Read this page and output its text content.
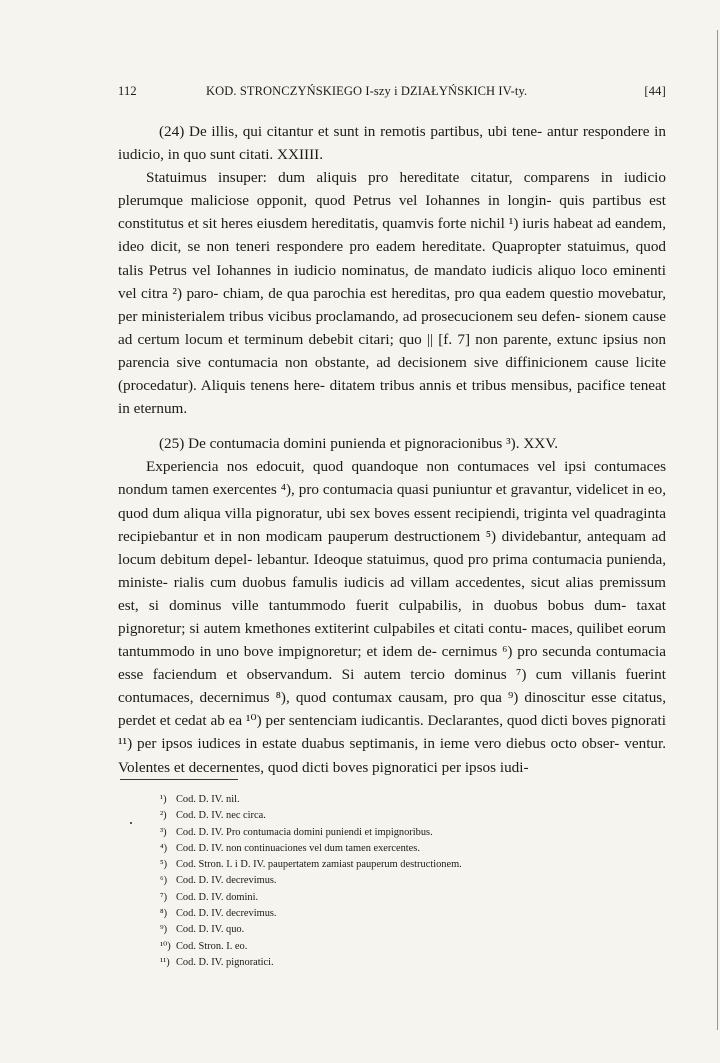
112	KOD. STRONCZYŃSKIEGO I-szy i DZIAŁYŃSKICH IV-ty.	[44]

(24) De illis, qui citantur et sunt in remotis partibus, ubi tene- antur respondere in iudicio, in quo sunt citati. XXIIII.

Statuimus insuper: dum aliquis pro hereditate citatur, comparens in iudicio plerumque maliciose opponit, quod Petrus vel Iohannes in longin- quis partibus est constitutus et sit heres eiusdem hereditatis, quamvis forte nichil ¹) iuris habeat ad eandem, ideo dicit, se non teneri respondere pro eadem hereditate. Quapropter statuimus, quod talis Petrus vel Iohannes in iudicio nominatus, de mandato iudicis aliquo loco eminenti vel citra ²) paro- chiam, de qua parochia est hereditas, pro qua eadem questio movebatur, per ministerialem tribus vicibus proclamando, ad prosecucionem seu defen- sionem cause ad certum locum et terminum debebit citari; quo || [f. 7] non parente, extunc ipsius non parencia sive contumacia non obstante, ad decisionem sive diffinicionem cause licite (procedatur). Aliquis tenens here- ditatem tribus annis et tribus mensibus, pacifice teneat in eternum.

(25) De contumacia domini punienda et pignoracionibus ³). XXV.

Experiencia nos edocuit, quod quandoque non contumaces vel ipsi contumaces nondum tamen exercentes ⁴), pro contumacia quasi puniuntur et gravantur, videlicet in eo, quod dum aliqua villa pignoratur, ubi sex boves essent recipiendi, triginta vel quadraginta recipiebantur et in non modicam pauperum destructionem ⁵) dividebantur, antequam ad locum debitum depel- lebantur. Ideoque statuimus, quod pro prima contumacia punienda, ministe- rialis cum duobus famulis iudicis ad villam accedentes, sicut alias premissum est, si dominus ville tantummodo fuerit culpabilis, in duobus bobus dum- taxat pignoretur; si autem kmethones extiterint culpabiles et citati contu- maces, quilibet eorum tantummodo in uno bove impignoretur; et idem de- cernimus ⁶) pro secunda contumacia esse faciendum et observandum. Si autem tercio dominus ⁷) cum villanis fuerint contumaces, decernimus ⁸), quod contumax causam, pro qua ⁹) dinoscitur esse citatus, perdet et cedat ab ea ¹⁰) per sentenciam iudicantis. Declarantes, quod dicti boves pignorati ¹¹) per ipsos iudices in estate duabus septimanis, in ieme vero diebus octo obser- ventur. Volentes et decernentes, quod dicti boves pignoratici per ipsos iudi-

¹) Cod. D. IV. nil.
²) Cod. D. IV. nec circa.
³) Cod. D. IV. Pro contumacia domini puniendi et impignoribus.
⁴) Cod. D. IV. non continuaciones vel dum tamen exercentes.
⁵) Cod. Stron. I. i D. IV. paupertatem zamiast pauperum destructionem.
⁶) Cod. D. IV. decrevimus.
⁷) Cod. D. IV. domini.
⁸) Cod. D. IV. decrevimus.
⁹) Cod. D. IV. quo.
¹⁰) Cod. Stron. I. eo.
¹¹) Cod. D. IV. pignoratici.
